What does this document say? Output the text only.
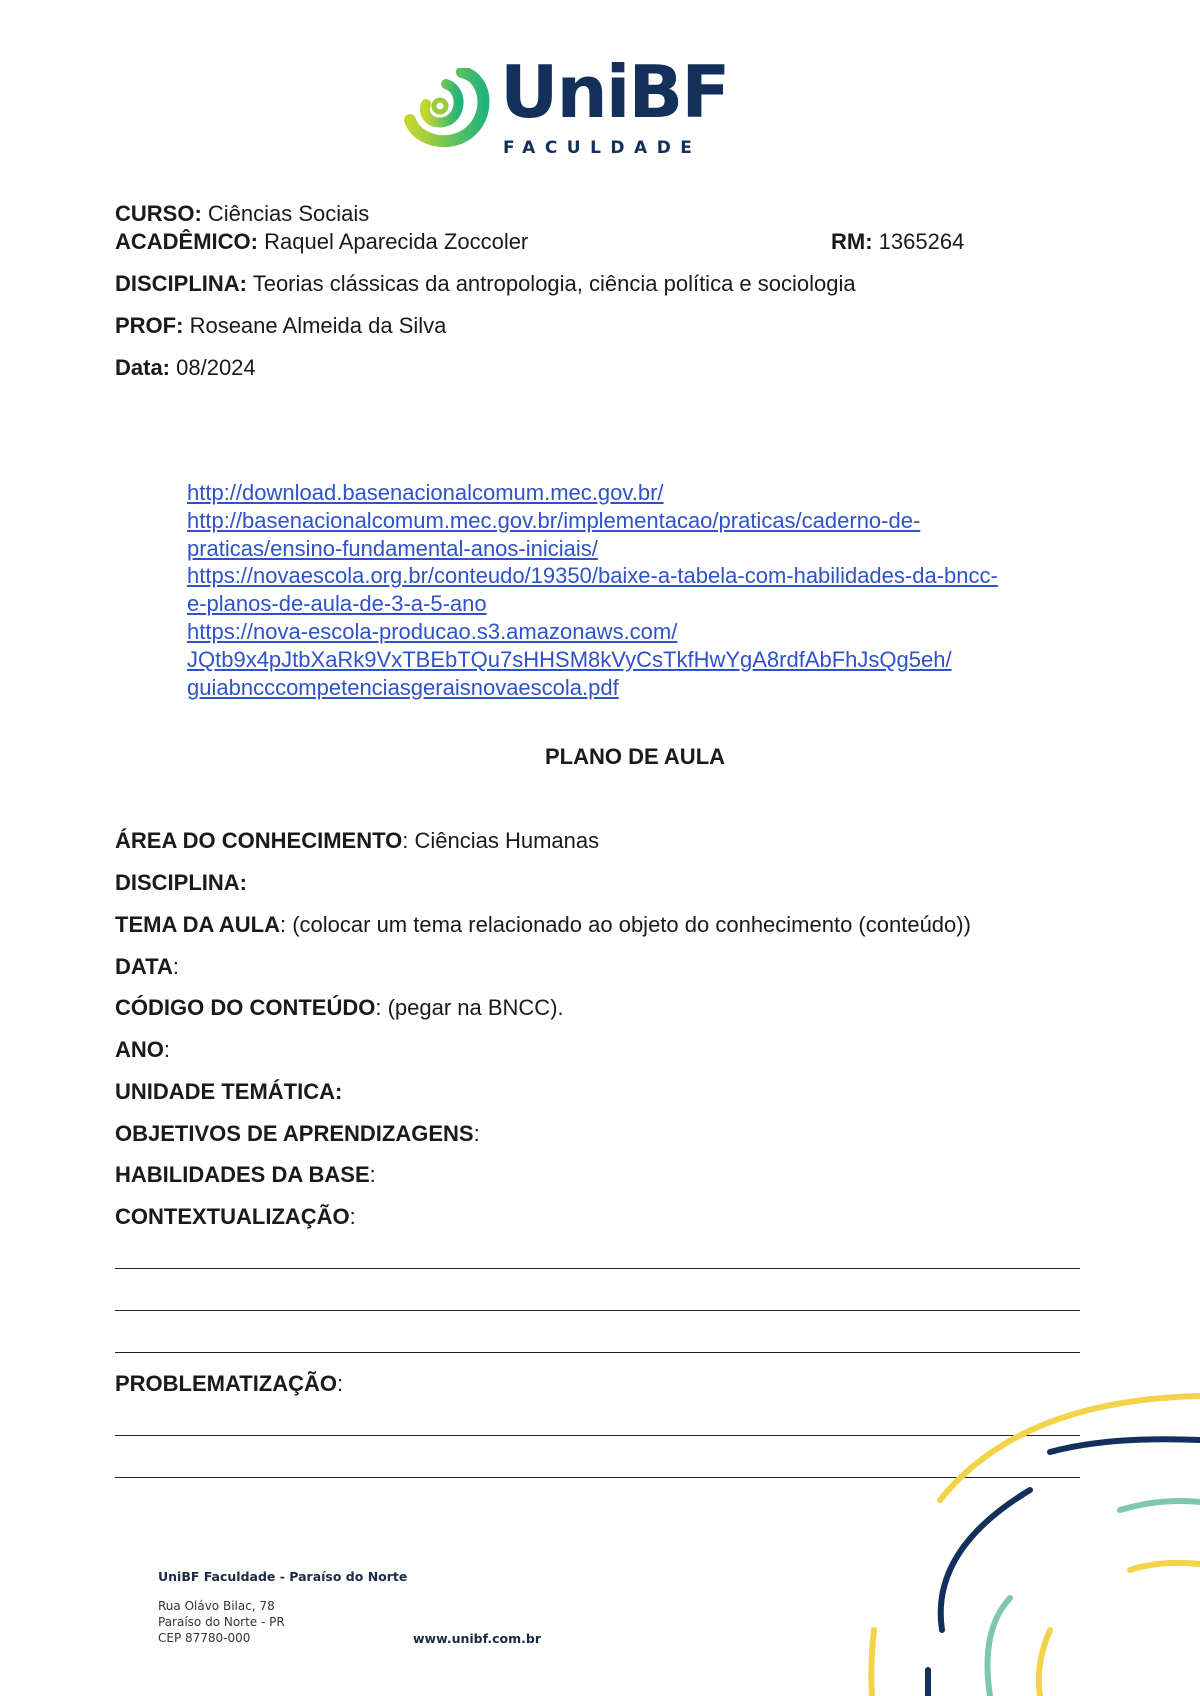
UniBF
FACULDADE
CURSO: Ciências Sociais
ACADÊMICO: Raquel Aparecida Zoccoler	RM: 1365264
DISCIPLINA: Teorias clássicas da antropologia, ciência política e sociologia
PROF: Roseane Almeida da Silva
Data: 08/2024
http://download.basenacionalcomum.mec.gov.br/
http://basenacionalcomum.mec.gov.br/implementacao/praticas/caderno-de-
praticas/ensino-fundamental-anos-iniciais/
https://novaescola.org.br/conteudo/19350/baixe-a-tabela-com-habilidades-da-bncc-
e-planos-de-aula-de-3-a-5-ano
https://nova-escola-producao.s3.amazonaws.com/
JQtb9x4pJtbXaRk9VxTBEbTQu7sHHSM8kVyCsTkfHwYgA8rdfAbFhJsQg5eh/
guiabncccompetenciasgeraisnovaescola.pdf
PLANO DE AULA
ÁREA DO CONHECIMENTO: Ciências Humanas
DISCIPLINA:
TEMA DA AULA: (colocar um tema relacionado ao objeto do conhecimento (conteúdo))
DATA:
CÓDIGO DO CONTEÚDO: (pegar na BNCC).
ANO:
UNIDADE TEMÁTICA:
OBJETIVOS DE APRENDIZAGENS:
HABILIDADES DA BASE:
CONTEXTUALIZAÇÃO:
PROBLEMATIZAÇÃO:
UniBF Faculdade - Paraíso do Norte
Rua Olávo Bilac, 78
Paraíso do Norte - PR
CEP 87780-000	www.unibf.com.br
